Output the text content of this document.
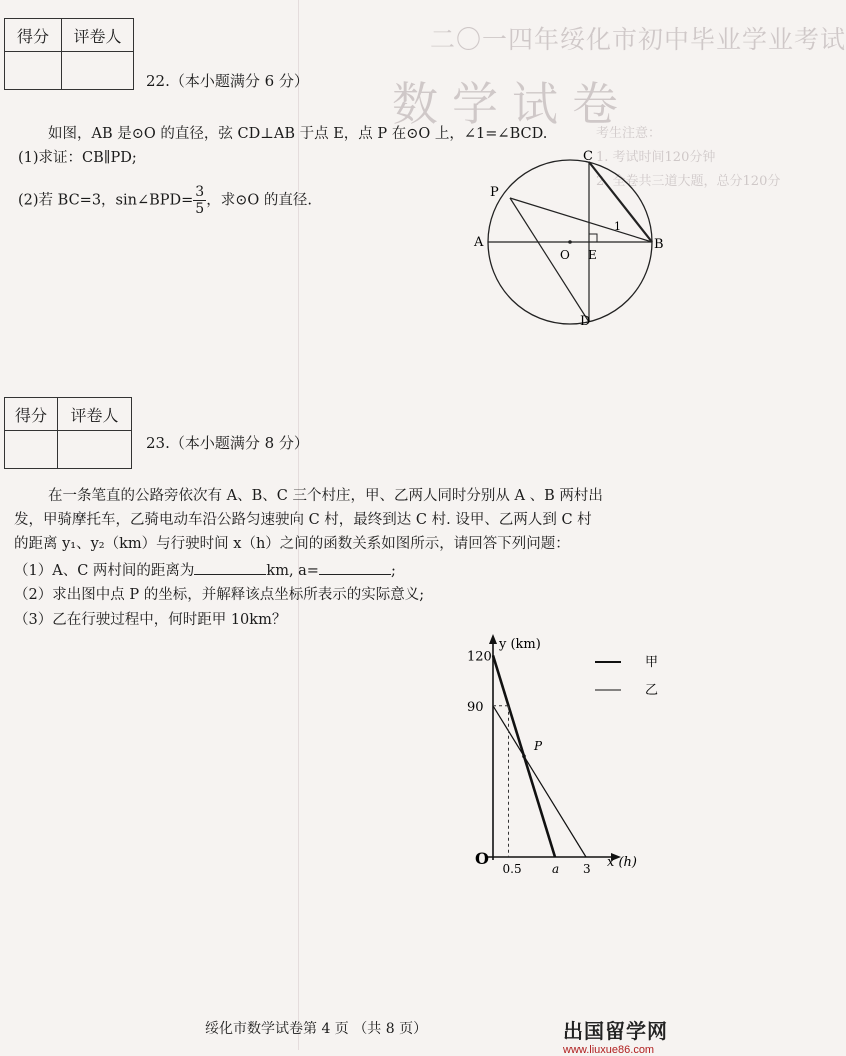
二〇一四年绥化市初中毕业学业考试
数学试卷
考生注意：
1. 考试时间120分钟
2. 全卷共三道大题，总分120分
得分	评卷人

22.（本小题满分 6 分）
如图，AB 是⊙O 的直径，弦 CD⊥AB 于点 E，点 P 在⊙O 上，∠1=∠BCD.
(1)求证：CB∥PD;
(2)若 BC=3，sin∠BPD= $\frac{3}{5}$ ，求⊙O 的直径.
C
P
A
O E
B
D
1
得分	评卷人

23.（本小题满分 8 分）
在一条笔直的公路旁依次有 A、B、C 三个村庄，甲、乙两人同时分别从 A 、B 两村出
发，甲骑摩托车，乙骑电动车沿公路匀速驶向 C 村，最终到达 C 村. 设甲、乙两人到 C 村
的距离 y₁、y₂（km）与行驶时间 x（h）之间的函数关系如图所示，请回答下列问题：
（1）A、C 两村间的距离为	km, a=	;
（2）求出图中点 P 的坐标，并解释该点坐标所表示的实际意义;
（3）乙在行驶过程中，何时距甲 10km？
y (km)
x (h)
O
P
90
120
0.5	a 3
甲
乙
绥化市数学试卷第 4 页 （共 8 页）	出国留学网
www.liuxue86.com
